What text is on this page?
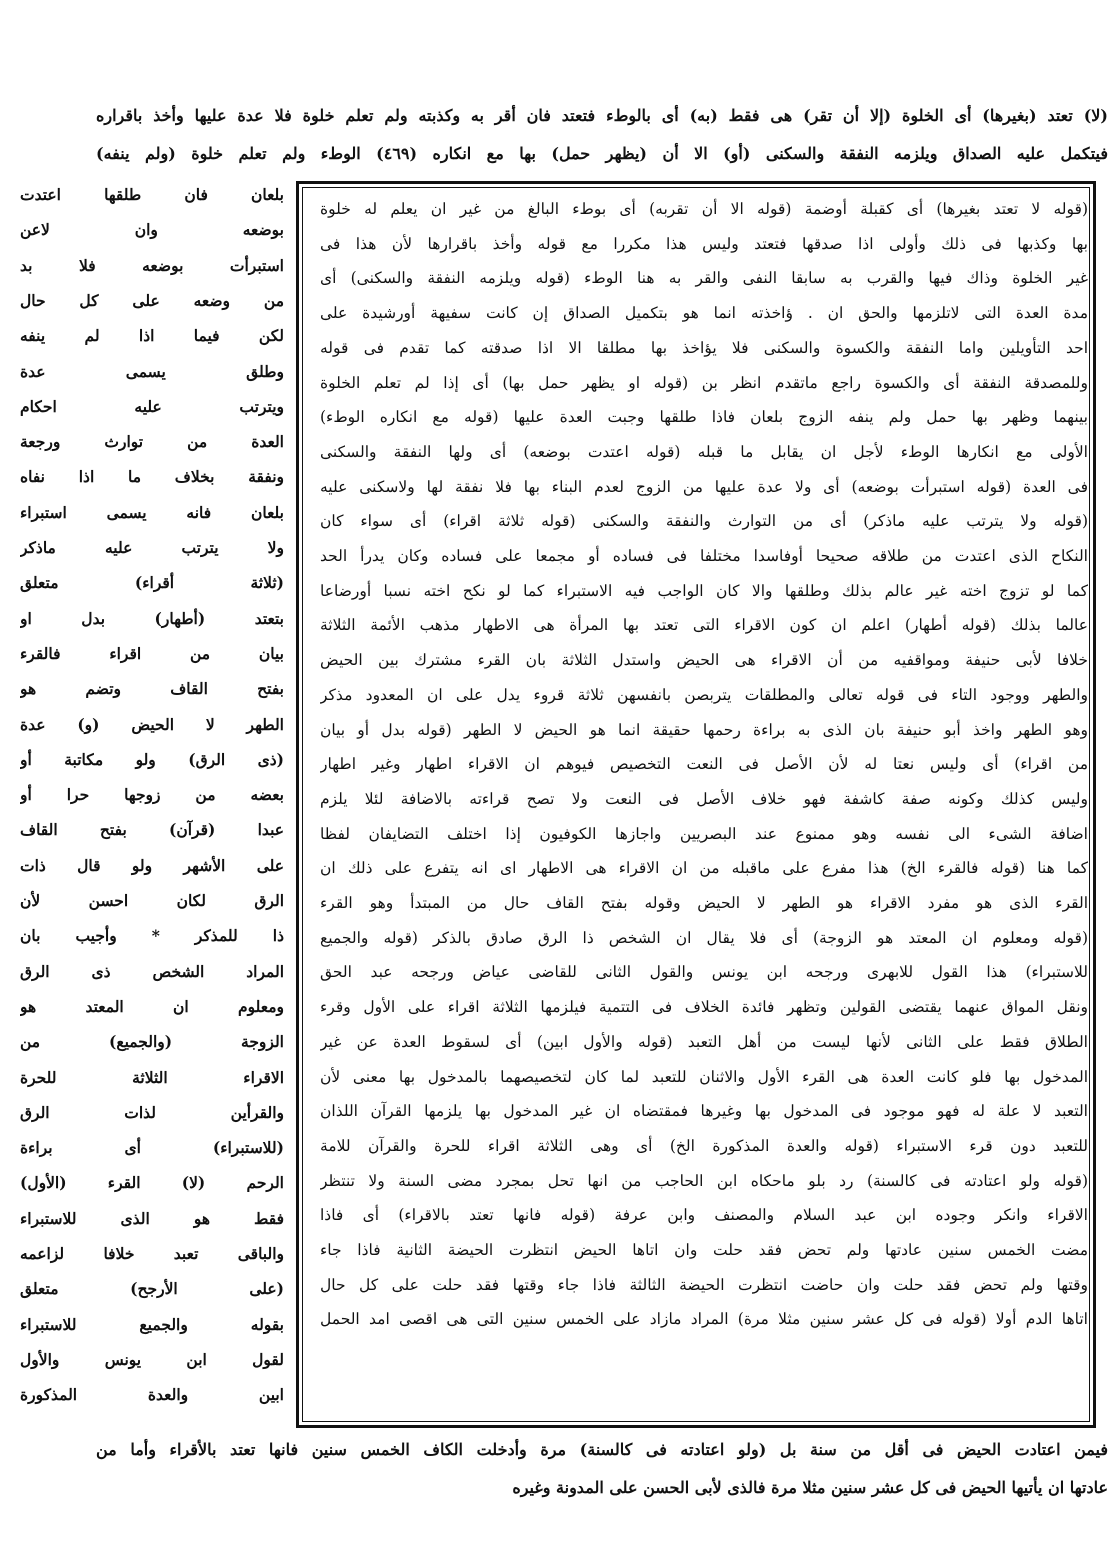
(لا) تعتد (بغيرها) أى الخلوة (إلا أن تقر) هى فقط (به) أى بالوطء فتعتد فان أقر به وكذبته ولم تعلم خلوة فلا عدة عليها وأخذ باقراره
فيتكمل عليه الصداق ويلزمه النفقة والسكنى (أو) الا أن (يظهر حمل) بها مع انكاره (٤٦٩) الوطء ولم تعلم خلوة (ولم ينفه)
(قوله لا تعتد بغيرها) أى كقبلة أوضمة (قوله الا أن تقربه) أى بوطء البالغ من غير ان يعلم له خلوة
بها وكذبها فى ذلك وأولى اذا صدقها فتعتد وليس هذا مكررا مع قوله وأخذ باقرارها لأن هذا فى
غير الخلوة وذاك فيها والقرب به سابقا النفى والقر به هنا الوطء (قوله ويلزمه النفقة والسكنى) أى
مدة العدة التى لاتلزمها والحق ان . ؤاخذته انما هو بتكميل الصداق إن كانت سفيهة أورشيدة على
احد التأويلين واما النفقة والكسوة والسكنى فلا يؤاخذ بها مطلقا الا اذا صدقته كما تقدم فى قوله
وللمصدقة النفقة أى والكسوة راجع ماتقدم انظر بن (قوله او يظهر حمل بها) أى إذا لم تعلم الخلوة
بينهما وظهر بها حمل ولم ينفه الزوج بلعان فاذا طلقها وجبت العدة عليها (قوله مع انكاره الوطء)
الأولى مع انكارها الوطء لأجل ان يقابل ما قبله (قوله اعتدت بوضعه) أى ولها النفقة والسكنى
فى العدة (قوله استبرأت بوضعه) أى ولا عدة عليها من الزوج لعدم البناء بها فلا نفقة لها ولاسكنى عليه
(قوله ولا يترتب عليه ماذكر) أى من التوارث والنفقة والسكنى (قوله ثلاثة اقراء) أى سواء كان
النكاح الذى اعتدت من طلاقه صحيحا أوفاسدا مختلفا فى فساده أو مجمعا على فساده وكان يدرأ الحد
كما لو تزوج اخته غير عالم بذلك وطلقها والا كان الواجب فيه الاستبراء كما لو نكح اخته نسبا أورضاعا
عالما بذلك (قوله أطهار) اعلم ان كون الاقراء التى تعتد بها المرأة هى الاطهار مذهب الأئمة الثلاثة
خلافا لأبى حنيفة ومواقفيه من أن الاقراء هى الحيض واستدل الثلاثة بان القرء مشترك بين الحيض
والطهر ووجود التاء فى قوله تعالى والمطلقات يتربصن بانفسهن ثلاثة قروء يدل على ان المعدود مذكر
وهو الطهر واخذ أبو حنيفة بان الذى به براءة رحمها حقيقة انما هو الحيض لا الطهر (قوله بدل أو بيان
من اقراء) أى وليس نعتا له لأن الأصل فى النعت التخصيص فيوهم ان الاقراء اطهار وغير اطهار
وليس كذلك وكونه صفة كاشفة فهو خلاف الأصل فى النعت ولا تصح قراءته بالاضافة لئلا يلزم
اضافة الشىء الى نفسه وهو ممنوع عند البصريين واجازها الكوفيون إذا اختلف التضايفان لفظا
كما هنا (قوله فالقرء الخ) هذا مفرع على ماقبله من ان الاقراء هى الاطهار اى انه يتفرع على ذلك ان
القرء الذى هو مفرد الاقراء هو الطهر لا الحيض وقوله بفتح القاف حال من المبتدأ وهو القرء
(قوله ومعلوم ان المعتد هو الزوجة) أى فلا يقال ان الشخص ذا الرق صادق بالذكر (قوله والجميع
للاستبراء) هذا القول للابهرى ورجحه ابن يونس والقول الثانى للقاضى عياض ورجحه عبد الحق
ونقل المواق عنهما يقتضى القولين وتظهر فائدة الخلاف فى التتمية فيلزمها الثلاثة اقراء على الأول وقرء
الطلاق فقط على الثانى لأنها ليست من أهل التعبد (قوله والأول ابين) أى لسقوط العدة عن غير
المدخول بها فلو كانت العدة هى القرء الأول والاثنان للتعبد لما كان لتخصيصهما بالمدخول بها معنى لأن
التعبد لا علة له فهو موجود فى المدخول بها وغيرها فمقتضاه ان غير المدخول بها يلزمها القرآن اللذان
للتعبد دون قرء الاستبراء (قوله والعدة المذكورة الخ) أى وهى الثلاثة اقراء للحرة والقرآن للامة
(قوله ولو اعتادته فى كالسنة) رد بلو ماحكاه ابن الحاجب من انها تحل بمجرد مضى السنة ولا تنتظر
الاقراء وانكر وجوده ابن عبد السلام والمصنف وابن عرفة (قوله فانها تعتد بالاقراء) أى فاذا
مضت الخمس سنين عادتها ولم تحض فقد حلت وان اتاها الحيض انتظرت الحيضة الثانية فاذا جاء
وقتها ولم تحض فقد حلت وان حاضت انتظرت الحيضة الثالثة فاذا جاء وقتها فقد حلت على كل حال
اتاها الدم أولا (قوله فى كل عشر سنين مثلا مرة) المراد مازاد على الخمس سنين التى هى اقصى امد الحمل
بلعان فان طلقها اعتدت
بوضعه وان لاعن
استبرأت بوضعه فلا بد
من وضعه على كل حال
لكن فيما اذا لم ينفه
وطلق يسمى عدة
ويترتب عليه احكام
العدة من توارث ورجعة
ونفقة بخلاف ما اذا نفاه
بلعان فانه يسمى استبراء
ولا يترتب عليه ماذكر
(ثلاثة أقراء) متعلق
بتعتد (أطهار) بدل او
بيان من اقراء فالقرء
بفتح القاف وتضم هو
الطهر لا الحيض (و) عدة
(ذى الرق) ولو مكاتبة أو
بعضه من زوجها حرا أو
عبدا (قرآن) بفتح القاف
على الأشهر ولو قال ذات
الرق لكان احسن لأن
ذا للمذكر * وأجيب بان
المراد الشخص ذى الرق
ومعلوم ان المعتد هو
الزوجة (والجميع) من
الاقراء الثلاثة للحرة
والقرأين لذات الرق
(للاستبراء) أى براءة
الرحم (لا) القرء (الأول)
فقط هو الذى للاستبراء
والباقى تعبد خلافا لزاعمه
(على الأرجح) متعلق
بقوله والجميع للاستبراء
لقول ابن يونس والأول
ابين والعدة المذكورة
فيمن اعتادت الحيض فى أقل من سنة بل (ولو اعتادته فى كالسنة) مرة وأدخلت الكاف الخمس سنين فانها تعتد بالأقراء وأما من
عادتها ان يأتيها الحيض فى كل عشر سنين مثلا مرة فالذى لأبى الحسن على المدونة وغيره
